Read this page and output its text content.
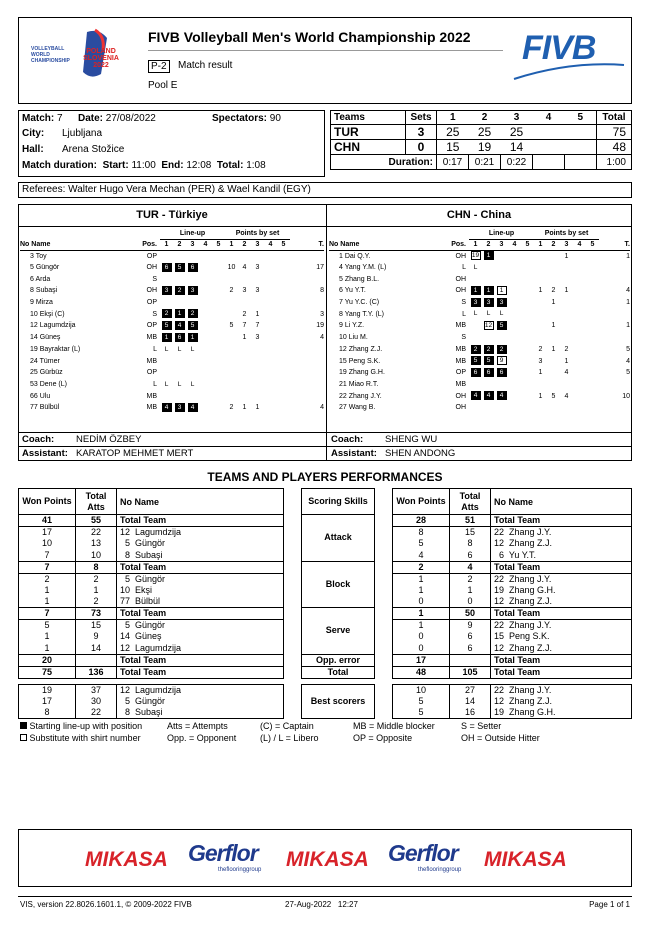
VOLLEYBALL
WORLD
CHAMPIONSHIP
POLAND
SLOVENIA
2022
FIVB Volleyball Men's World Championship 2022
P-2	Match result
Pool E
FIVB
Match: 7 Date: 27/08/2022	Spectators: 90
City: Ljubljana
Hall: Arena Stožice
Match duration: Start: 11:00 End: 12:08 Total: 1:08
Teams	Sets	1	2	3	4	5	Total
TUR	3	25	25	25			75
CHN	0	15	19	14			48
Duration:		0:17	0:21	0:22			1:00
Referees: Walter Hugo Vera Mechan (PER) & Wael Kandil (EGY)
TUR - Türkiye	CHN - China
		Line-up					Points by set					
No Name	Pos.	1	2	3	4	5	1	2	3	4	5	T.
3 Toy	OP											
5 Güngör	OH	6	5	6			10	4	3			17
6 Arda	S											
8 Subaşi	OH	3	2	3			2	3	3			8
9 Mirza	OP											
10 Ekşi (C)	S	2	1	2				2	1			3
12 Lagumdzija	OP	5	4	5			5	7	7			19
14 Güneş	MB	1	6	1				1	3			4
19 Bayraktar (L)	L	L	L	L								
24 Tümer	MB											
25 Gürbüz	OP											
53 Dene (L)	L	L	L	L								
66 Ulu	MB											
77 Bülbül	MB	4	3	4			2	1	1			4
		Line-up					Points by set					
No Name	Pos.	1	2	3	4	5	1	2	3	4	5	T.
1 Dai Q.Y.	OH	19	1						1			1
4 Yang Y.M. (L)	L	L										
5 Zhang B.L.	OH											
6 Yu Y.T.	OH	1	1	1			1	2	1			4
7 Yu Y.C. (C)	S	3	3	3				1				1
8 Yang T.Y. (L)	L	L	L	L								
9 Li Y.Z.	MB		12	5				1				1
10 Liu M.	S											
12 Zhang Z.J.	MB	2	2	2			2	1	2			5
15 Peng S.K.	MB	5	5	9			3		1			4
19 Zhang G.H.	OP	6	6	6			1		4			5
21 Miao R.T.	MB											
22 Zhang J.Y.	OH	4	4	4			1	5	4			10
27 Wang B.	OH											
Coach: NEDİM ÖZBEY
Assistant: KARATOP MEHMET MERT
Coach: SHENG WU
Assistant: SHEN ANDONG
TEAMS AND PLAYERS PERFORMANCES
Won Points	Total Atts	No Name		Scoring Skills		Won Points	Total Atts	No Name
41	55	Total Team		Attack		28	51	Total Team
17	22	12  Lagumdzija				8	15	22  Zhang J.Y.
10	13	5  Güngör				5	8	12  Zhang Z.J.
7	10	8  Subaşi				4	6	6  Yu Y.T.
7	8	Total Team		Block		2	4	Total Team
2	2	5  Güngör				1	2	22  Zhang J.Y.
1	1	10  Ekşi				1	1	19  Zhang G.H.
1	2	77  Bülbül				0	0	12  Zhang Z.J.
7	73	Total Team		Serve		1	50	Total Team
5	15	5  Güngör				1	9	22  Zhang J.Y.
1	9	14  Güneş				0	6	15  Peng S.K.
1	14	12  Lagumdzija				0	6	12  Zhang Z.J.
20		Total Team		Opp. error		17		Total Team
75	136	Total Team		Total		48	105	Total Team

19	37	12  Lagumdzija		Best scorers		10	27	22  Zhang J.Y.
17	30	5  Güngör				5	14	12  Zhang Z.J.
8	22	8  Subaşi				5	16	19  Zhang G.H.
Starting line-up with position
Substitute with shirt number
Atts = Attempts
Opp. = Opponent
(C) = Captain
(L) / L = Libero
MB = Middle blocker
OP = Opposite
S = Setter
OH = Outside Hitter
MIKASA Gerflor
theflooringgroup MIKASA Gerflor
theflooringgroup MIKASA
VIS, version 22.8026.1601.1, © 2009-2022 FIVB	27-Aug-2022   12:27	Page 1 of 1
